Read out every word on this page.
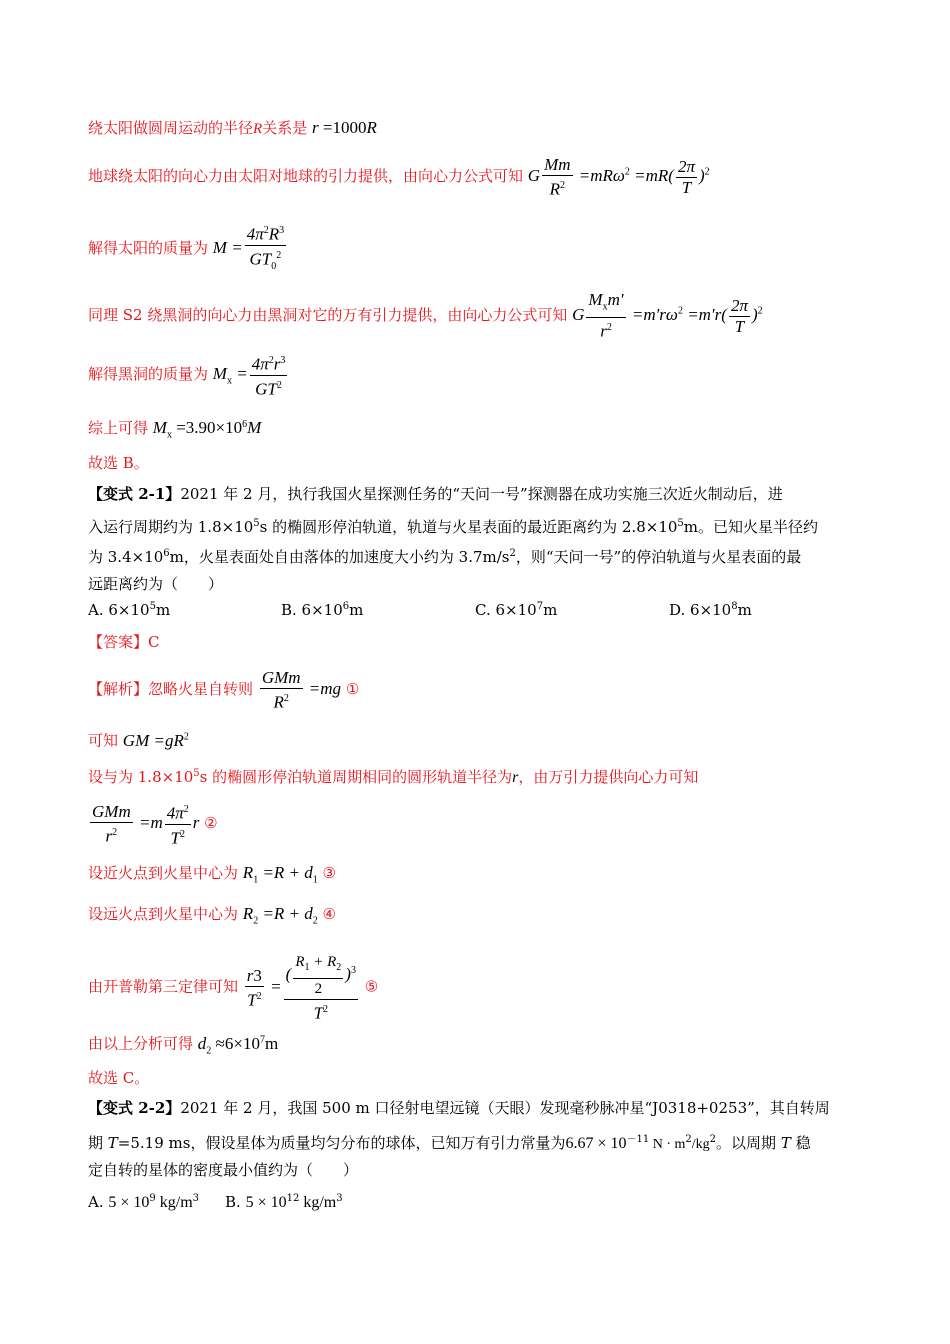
绕太阳做圆周运动的半径R关系是 r =1000R
地球绕太阳的向心力由太阳对地球的引力提供，由向心力公式可知 G $\frac{Mm}{R^2} =mR\omega^2 =mR( \frac{2\pi}{T} )^2$
解得太阳的质量为 $M = \frac{4\pi^2R^3}{GT_0^2}$
同理 S2 绕黑洞的向心力由黑洞对它的万有引力提供，由向心力公式可知 G $\frac{M_xm'}{r^2} =m'r\omega^2 =m'r( \frac{2\pi}{T} )^2$
解得黑洞的质量为 $M_x = \frac{4\pi^2r^3}{GT^2}$
综上可得 $M_x =3.90\times 10^6M$
故选 B。
【变式 2-1】2021 年 2 月，执行我国火星探测任务的“天问一号”探测器在成功实施三次近火制动后，进
入运行周期约为 $1.8\times 10^5s$ 的椭圆形停泊轨道，轨道与火星表面的最近距离约为 $2.8\times 10^5m$。已知火星半径约
为 $3.4\times 10^6m$，火星表面处自由落体的加速度大小约为 $3.7m/s^2$，则“天问一号”的停泊轨道与火星表面的最
远距离约为（　　）
A. $6\times 10^5m$	B. $6\times 10^6m$	C. $6\times 10^7m$	D. $6\times 10^8m$
【答案】C
【解析】忽略火星自转则 $\frac{\text{GMm}}{R^2} =mg$ ①
可知 GM $=gR^2$
设与为 $1.8\times 10^5s$ 的椭圆形停泊轨道周期相同的圆形轨道半径为r，由万引力提供向心力可知
$\frac{\text{GMm}}{r^2} =m \frac{4\pi^2}{T^2}$ r ②
设近火点到火星中心为 $R_1 =R + d_1$ ③
设远火点到火星中心为 $R_2 =R + d_2$ ④
由开普勒第三定律可知 $\frac{r3}{T^2} = \frac{( \frac{R_1 + R_2}{2} )^3}{T^2}$ ⑤
由以上分析可得 $d_2 \approx 6\times 10^7m$
故选 C。
【变式 2-2】2021 年 2 月，我国 500 m 口径射电望远镜（天眼）发现毫秒脉冲星“J0318+0253”，其自转周
期 T=5.19 ms，假设星体为质量均匀分布的球体，已知万有引力常量为$6.67 \times 10^{-11}$ $N \cdot m^2/kg^2$。以周期 T 稳
定自转的星体的密度最小值约为（　　）
A. $5 \times 10^9$ $kg/m^3$ B. $5 \times 10^{12}$ $kg/m^3$
